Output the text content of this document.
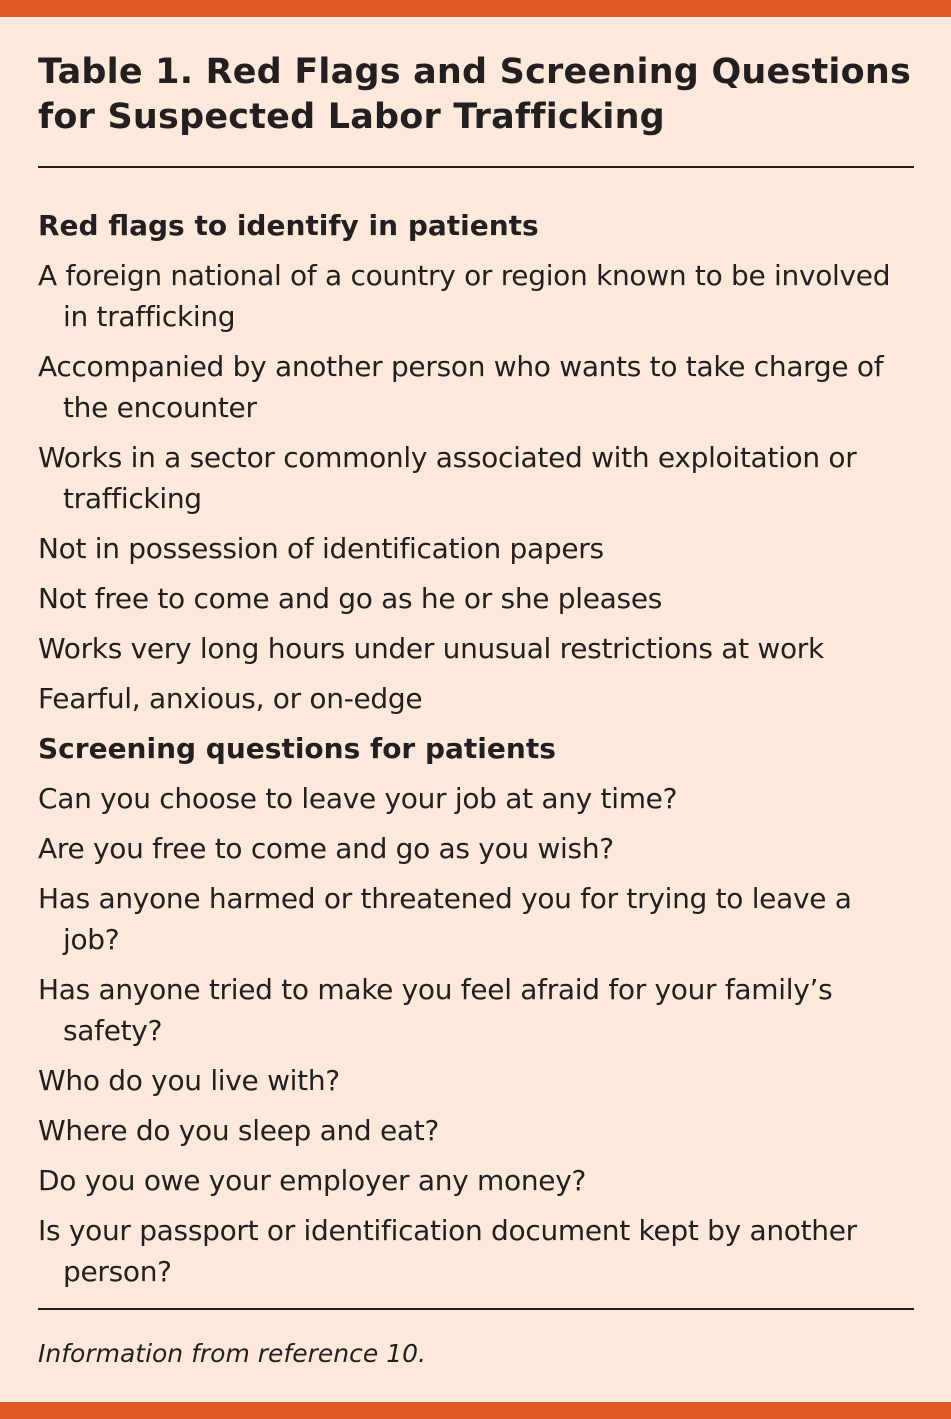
Table 1. Red Flags and Screening Questions
for Suspected Labor Trafficking
Red flags to identify in patients
A foreign national of a country or region known to be involved in trafficking
Accompanied by another person who wants to take charge of the encounter
Works in a sector commonly associated with exploitation or trafficking
Not in possession of identification papers
Not free to come and go as he or she pleases
Works very long hours under unusual restrictions at work
Fearful, anxious, or on-edge
Screening questions for patients
Can you choose to leave your job at any time?
Are you free to come and go as you wish?
Has anyone harmed or threatened you for trying to leave a job?
Has anyone tried to make you feel afraid for your family’s safety?
Who do you live with?
Where do you sleep and eat?
Do you owe your employer any money?
Is your passport or identification document kept by another person?
Information from reference 10.
